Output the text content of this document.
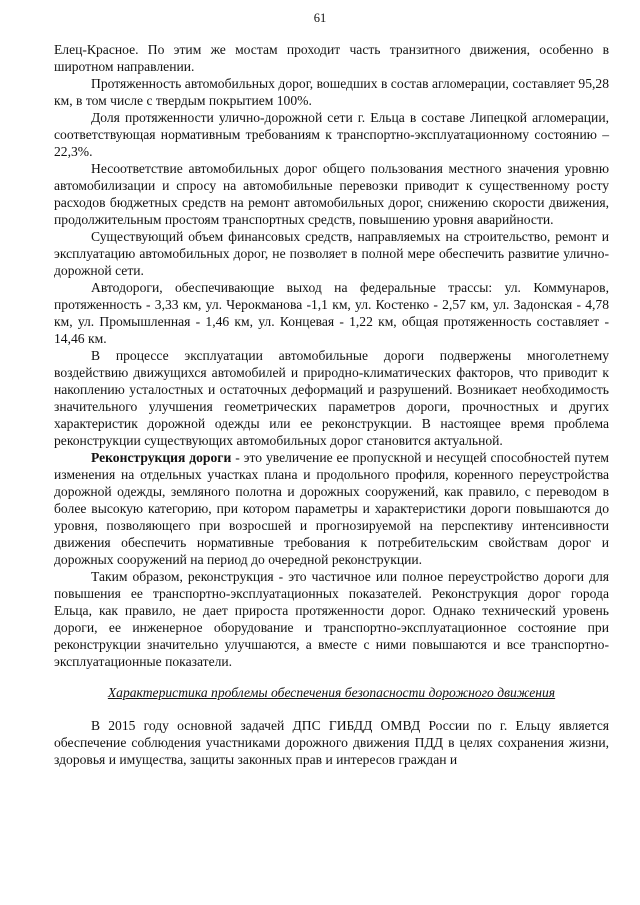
61

Елец-Красное. По этим же мостам проходит часть транзитного движения, особенно в широтном направлении.

Протяженность автомобильных дорог, вошедших в состав агломерации, составляет 95,28 км, в том числе с твердым покрытием 100%.

Доля протяженности улично-дорожной сети г. Ельца в составе Липецкой агломерации, соответствующая нормативным требованиям к транспортно-эксплуатационному состоянию – 22,3%.

Несоответствие автомобильных дорог общего пользования местного значения уровню автомобилизации и спросу на автомобильные перевозки приводит к существенному росту расходов бюджетных средств на ремонт автомобильных дорог, снижению скорости движения, продолжительным простоям транспортных средств, повышению уровня аварийности.

Существующий объем финансовых средств, направляемых на строительство, ремонт и эксплуатацию автомобильных дорог, не позволяет в полной мере обеспечить развитие улично-дорожной сети.

Автодороги, обеспечивающие выход на федеральные трассы: ул. Коммунаров, протяженность - 3,33 км, ул. Черокманова -1,1 км, ул. Костенко - 2,57 км, ул. Задонская - 4,78 км, ул. Промышленная - 1,46 км, ул. Концевая - 1,22 км, общая протяженность составляет - 14,46 км.

В процессе эксплуатации автомобильные дороги подвержены многолетнему воздействию движущихся автомобилей и природно-климатических факторов, что приводит к накоплению усталостных и остаточных деформаций и разрушений. Возникает необходимость значительного улучшения геометрических параметров дороги, прочностных и других характеристик дорожной одежды или ее реконструкции. В настоящее время проблема реконструкции существующих автомобильных дорог становится актуальной.

Реконструкция дороги - это увеличение ее пропускной и несущей способностей путем изменения на отдельных участках плана и продольного профиля, коренного переустройства дорожной одежды, земляного полотна и дорожных сооружений, как правило, с переводом в более высокую категорию, при котором параметры и характеристики дороги повышаются до уровня, позволяющего при возросшей и прогнозируемой на перспективу интенсивности движения обеспечить нормативные требования к потребительским свойствам дорог и дорожных сооружений на период до очередной реконструкции.

Таким образом, реконструкция - это частичное или полное переустройство дороги для повышения ее транспортно-эксплуатационных показателей. Реконструкция дорог города Ельца, как правило, не дает прироста протяженности дорог. Однако технический уровень дороги, ее инженерное оборудование и транспортно-эксплуатационное состояние при реконструкции значительно улучшаются, а вместе с ними повышаются и все транспортно-эксплуатационные показатели.

Характеристика проблемы обеспечения безопасности дорожного движения

В 2015 году основной задачей ДПС ГИБДД ОМВД России по г. Ельцу является обеспечение соблюдения участниками дорожного движения ПДД в целях сохранения жизни, здоровья и имущества, защиты законных прав и интересов граждан и
